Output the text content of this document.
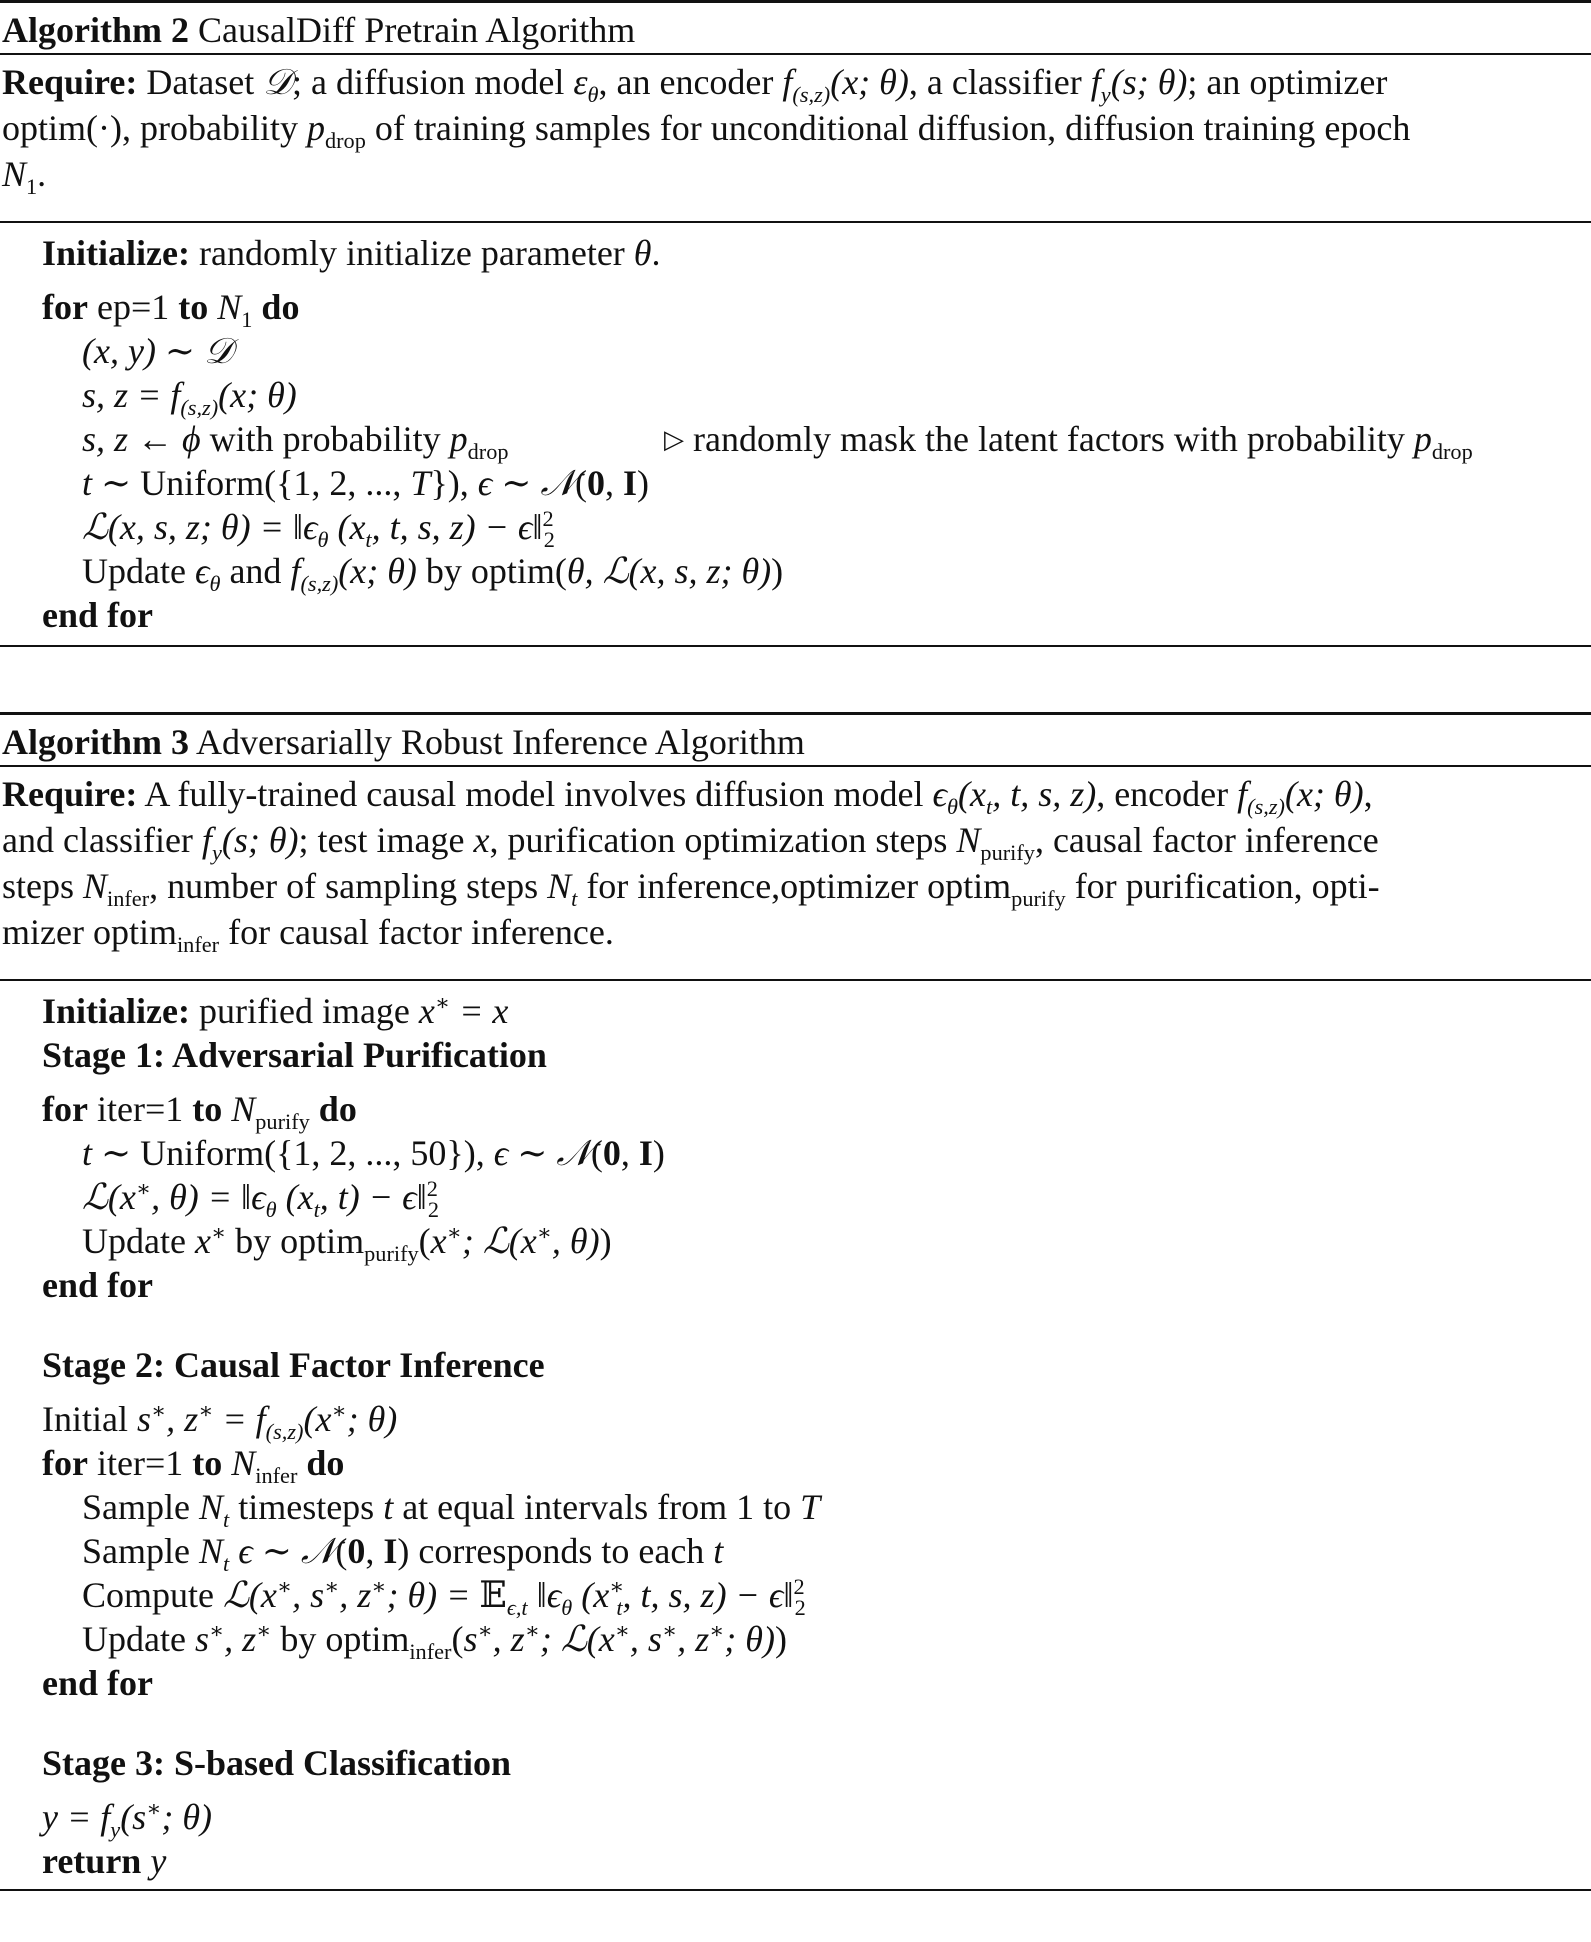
Algorithm 2 CausalDiff Pretrain Algorithm
Require: Dataset 𝒟; a diffusion model $\varepsilon_\theta$, an encoder $f_{(s,z)}(x$; θ), a classifier $f_y(s$; θ); an optimizer
optim(·), probability $p_{drop}$ of training samples for unconditional diffusion, diffusion training epoch
$N_1$.
Initialize: randomly initialize parameter θ.
for ep=1 to $N_1$ do
(x, y) ∼ 𝒟
s, $z = f_{(s,z)}(x$; θ)
s, z ← ϕ with probability $p_{drop}$	▷ randomly mask the latent factors with probability $p_{drop}$
t ∼ Uniform({1, 2, ..., T}), ϵ ∼ 𝒩(0, I)
ℒ(x, s, z; $\theta) = ‖\epsilon_\theta$ ($x_t$, t, s, z) − ϵ‖$^2_2$
Update $\epsilon_\theta$ and $f_{(s,z)}(x$; θ) by optim(θ, ℒ(x, s, z; θ))
end for
Algorithm 3 Adversarially Robust Inference Algorithm
Require: A fully-trained causal model involves diffusion model $\epsilon_\theta(x_t$, t, s, z), encoder $f_{(s,z)}(x$; θ),
and classifier $f_y(s$; θ); test image x, purification optimization steps $N_{purify}$, causal factor inference
steps $N_{infer}$, number of sampling steps $N_t$ for inference,optimizer optim$_{purify}$ for purification, opti-
mizer optim$_{infer}$ for causal factor inference.
Initialize: purified image x∗ = x
Stage 1: Adversarial Purification
for iter=1 to $N_{purify}$ do
t ∼ Uniform({1, 2, ..., 50}), ϵ ∼ 𝒩(0, I)
ℒ(x∗, $\theta) = ‖\epsilon_\theta$ ($x_t$, t) − ϵ‖$^2_2$
Update x∗ by optim$_{purify}$(x∗; ℒ(x∗, θ))
end for
Stage 2: Causal Factor Inference
Initial s∗, $z^∗ = f_{(s,z)}(x^∗$; θ)
for iter=1 to $N_{infer}$ do
Sample $N_t$ timesteps t at equal intervals from 1 to T
Sample $N_t$ ϵ ∼ 𝒩(0, I) corresponds to each t
Compute ℒ(x∗, s∗, z∗; θ) = 𝔼$_{\epsilon,t}$ $‖\epsilon_\theta$ ($x^∗_t$, t, s, z) − ϵ‖$^2_2$
Update s∗, z∗ by optim$_{infer}$(s∗, z∗; ℒ(x∗, s∗, z∗; θ))
end for
Stage 3: S-based Classification
$y = f_y(s^∗$; θ)
return y
